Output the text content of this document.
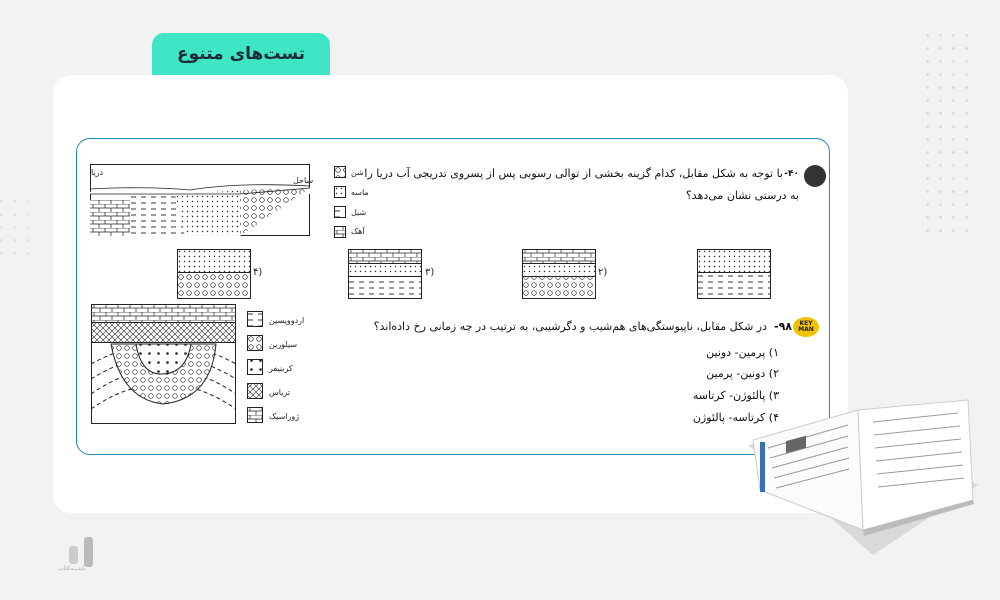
تست‌های متنوع
دریا
ساحل
شن
ماسه
شیل
آهک
۴۰-
با توجه به شکل مقابل، کدام گزینه بخشی از توالی رسوبی پس از پسروی تدریجی آب دریا را
به درستی نشان می‌دهد؟
۴)	۳)	۲)
اردوویسین
سیلورین
کربنیفر
تریاس
ژوراسیک
KEY MAN
۹۸-
در شکل مقابل، ناپیوستگی‌های هم‌شیب و دگرشیبی، به ترتیب در چه زمانی رخ داده‌اند؟
۱) پرمین- دونین
۲) دونین- پرمین
۳) پالئوژن- کرتاسه
۴) کرتاسه- پالئوژن
بایتـــه‌کتاب
